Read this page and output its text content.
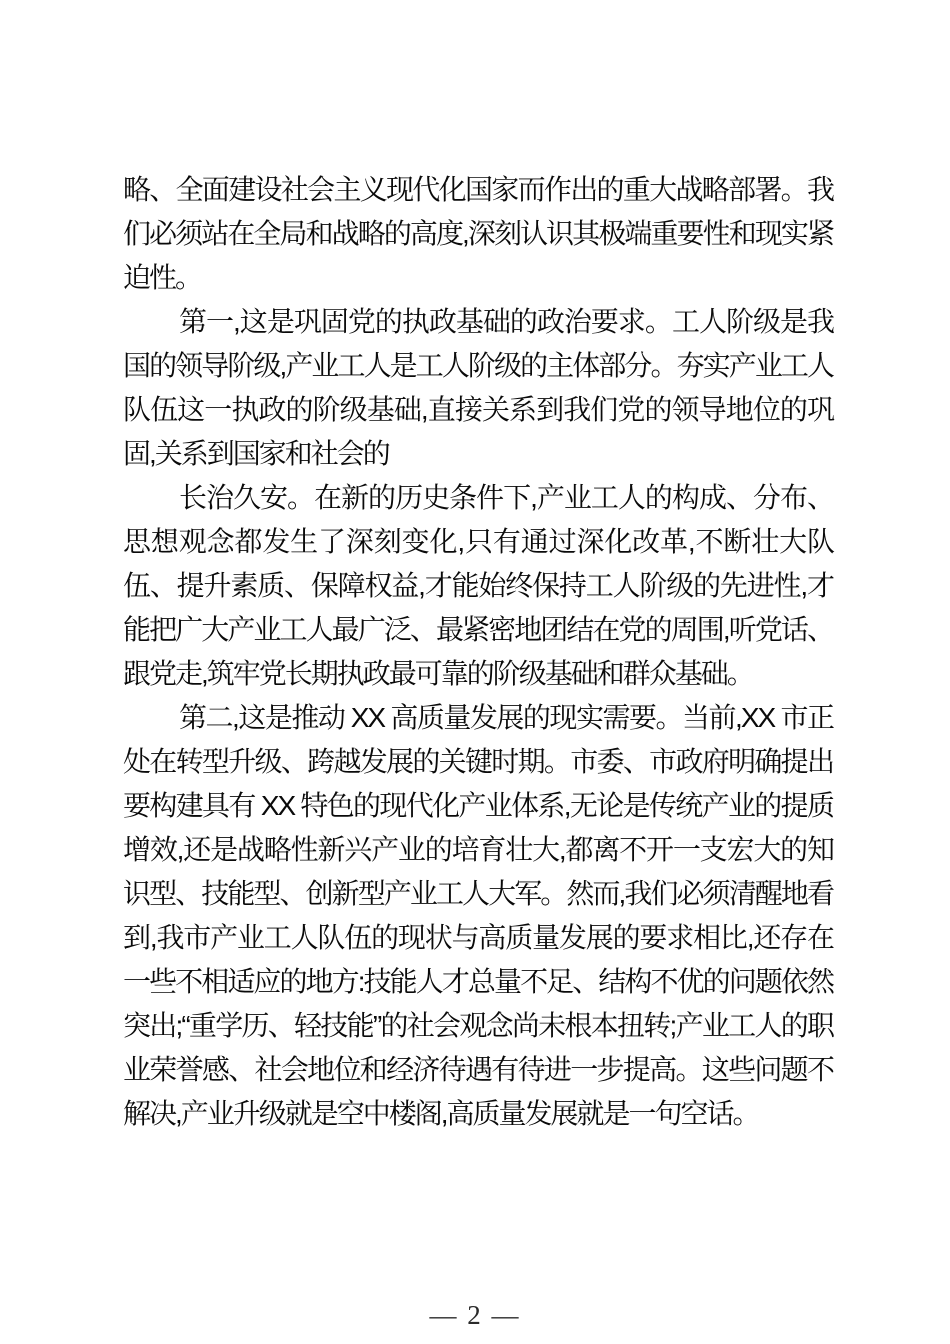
略、全面建设社会主义现代化国家而作出的重大战略部署。我们必须站在全局和战略的高度,深刻认识其极端重要性和现实紧迫性。

第一,这是巩固党的执政基础的政治要求。工人阶级是我国的领导阶级,产业工人是工人阶级的主体部分。夯实产业工人队伍这一执政的阶级基础,直接关系到我们党的领导地位的巩固,关系到国家和社会的

长治久安。在新的历史条件下,产业工人的构成、分布、思想观念都发生了深刻变化,只有通过深化改革,不断壮大队伍、提升素质、保障权益,才能始终保持工人阶级的先进性,才能把广大产业工人最广泛、最紧密地团结在党的周围,听党话、跟党走,筑牢党长期执政最可靠的阶级基础和群众基础。

第二,这是推动 XX 高质量发展的现实需要。当前,XX 市正处在转型升级、跨越发展的关键时期。市委、市政府明确提出要构建具有 XX 特色的现代化产业体系,无论是传统产业的提质增效,还是战略性新兴产业的培育壮大,都离不开一支宏大的知识型、技能型、创新型产业工人大军。然而,我们必须清醒地看到,我市产业工人队伍的现状与高质量发展的要求相比,还存在一些不相适应的地方:技能人才总量不足、结构不优的问题依然突出;“重学历、轻技能”的社会观念尚未根本扭转;产业工人的职业荣誉感、社会地位和经济待遇有待进一步提高。这些问题不解决,产业升级就是空中楼阁,高质量发展就是一句空话。

— 2 —
